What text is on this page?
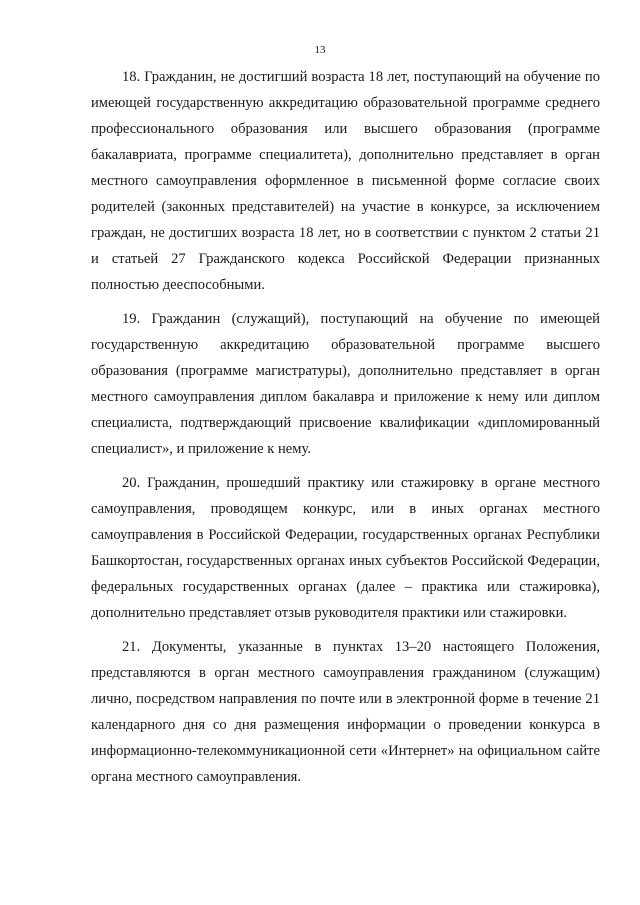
13

18. Гражданин, не достигший возраста 18 лет, поступающий на обучение по имеющей государственную аккредитацию образовательной программе среднего профессионального образования или высшего образования (программе бакалавриата, программе специалитета), дополнительно представляет в орган местного самоуправления оформленное в письменной форме согласие своих родителей (законных представителей) на участие в конкурсе, за исключением граждан, не достигших возраста 18 лет, но в соответствии с пунктом 2 статьи 21 и статьей 27 Гражданского кодекса Российской Федерации признанных полностью дееспособными.

19. Гражданин (служащий), поступающий на обучение по имеющей государственную аккредитацию образовательной программе высшего образования (программе магистратуры), дополнительно представляет в орган местного самоуправления диплом бакалавра и приложение к нему или диплом специалиста, подтверждающий присвоение квалификации «дипломированный специалист», и приложение к нему.

20. Гражданин, прошедший практику или стажировку в органе местного самоуправления, проводящем конкурс, или в иных органах местного самоуправления в Российской Федерации, государственных органах Республики Башкортостан, государственных органах иных субъектов Российской Федерации, федеральных государственных органах (далее – практика или стажировка), дополнительно представляет отзыв руководителя практики или стажировки.

21. Документы, указанные в пунктах 13–20 настоящего Положения, представляются в орган местного самоуправления гражданином (служащим) лично, посредством направления по почте или в электронной форме в течение 21 календарного дня со дня размещения информации о проведении конкурса в информационно-телекоммуникационной сети «Интернет» на официальном сайте органа местного самоуправления.
